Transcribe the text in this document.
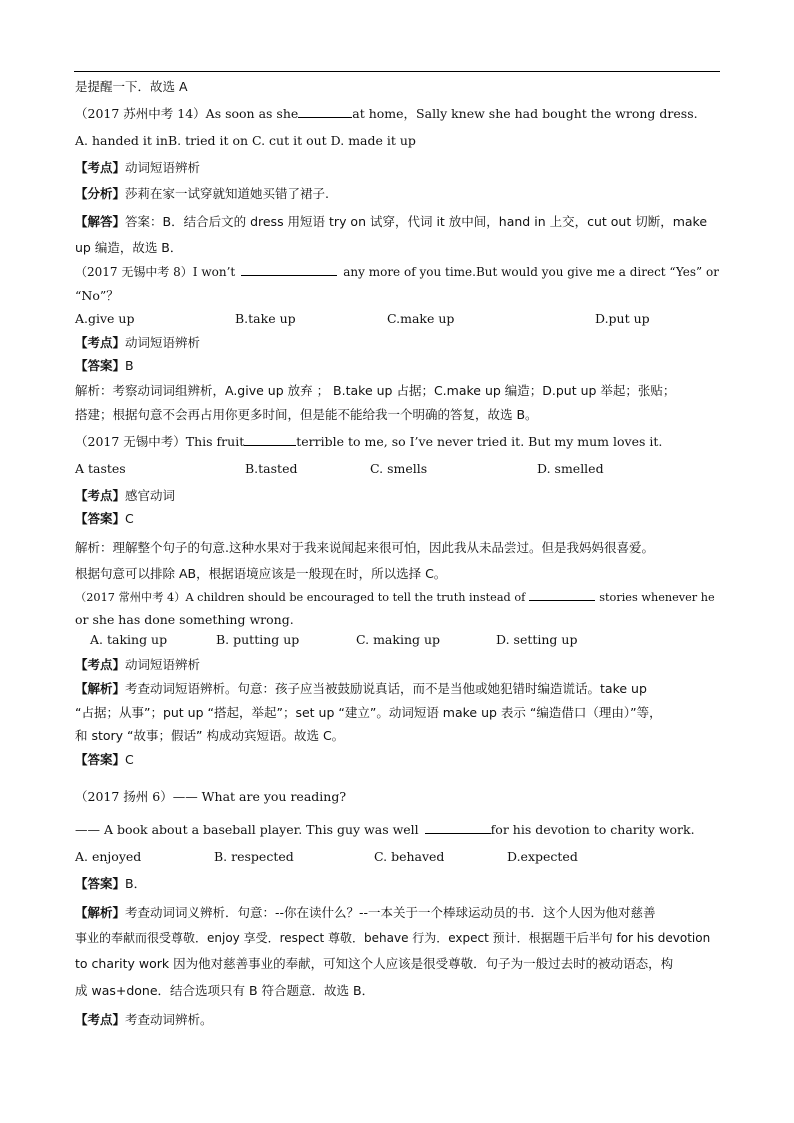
是提醒一下．故选 A
（2017 苏州中考 14）As soon as she	at home，Sally knew she had bought the wrong dress.
A. handed it inB. tried it on C. cut it out D. made it up
【考点】动词短语辨析
【分析】莎莉在家一试穿就知道她买错了裙子.
【解答】答案：B．结合后文的 dress 用短语 try on 试穿，代词 it 放中间，hand in 上交，cut out 切断，make
up 编造，故选 B．
（2017 无锡中考 8）I won’t	any more of you time.But would you give me a direct “Yes” or
“No”？
A.give up	B.take up	C.make up	D.put up
【考点】动词短语辨析
【答案】B
解析：考察动词词组辨析，A.give up 放弃 ； B.take up 占据；C.make up 编造；D.put up 举起；张贴；
搭建；根据句意不会再占用你更多时间，但是能不能给我一个明确的答复，故选 B。
（2017 无锡中考）This fruit	terrible to me, so I’ve never tried it. But my mum loves it.
A tastes	B.tasted	C. smells	D. smelled
【考点】感官动词
【答案】C
解析：理解整个句子的句意.这种水果对于我来说闻起来很可怕，因此我从未品尝过。但是我妈妈很喜爱。
根据句意可以排除 AB，根据语境应该是一般现在时，所以选择 C。
（2017 常州中考 4）A children should be encouraged to tell the truth instead of	stories whenever he
or she has done something wrong.
A. taking up	B. putting up	C. making up	D. setting up
【考点】动词短语辨析
【解析】考查动词短语辨析。句意：孩子应当被鼓励说真话，而不是当他或她犯错时编造谎话。take up
“占据；从事”；put up “搭起，举起”；set up “建立”。动词短语 make up 表示 “编造借口（理由）”等，
和 story “故事；假话” 构成动宾短语。故选 C。
【答案】C
（2017 扬州 6）—— What are you reading?
—— A book about a baseball player. This guy was well	for his devotion to charity work.
A. enjoyed	B. respected	C. behaved	D.expected
【答案】B．
【解析】考查动词词义辨析．句意：--你在读什么？--一本关于一个棒球运动员的书．这个人因为他对慈善
事业的奉献而很受尊敬．enjoy 享受．respect 尊敬．behave 行为．expect 预计．根据题干后半句 for his devotion
to charity work 因为他对慈善事业的奉献，可知这个人应该是很受尊敬．句子为一般过去时的被动语态，构
成 was+done．结合选项只有 B 符合题意．故选 B．
【考点】考查动词辨析。
